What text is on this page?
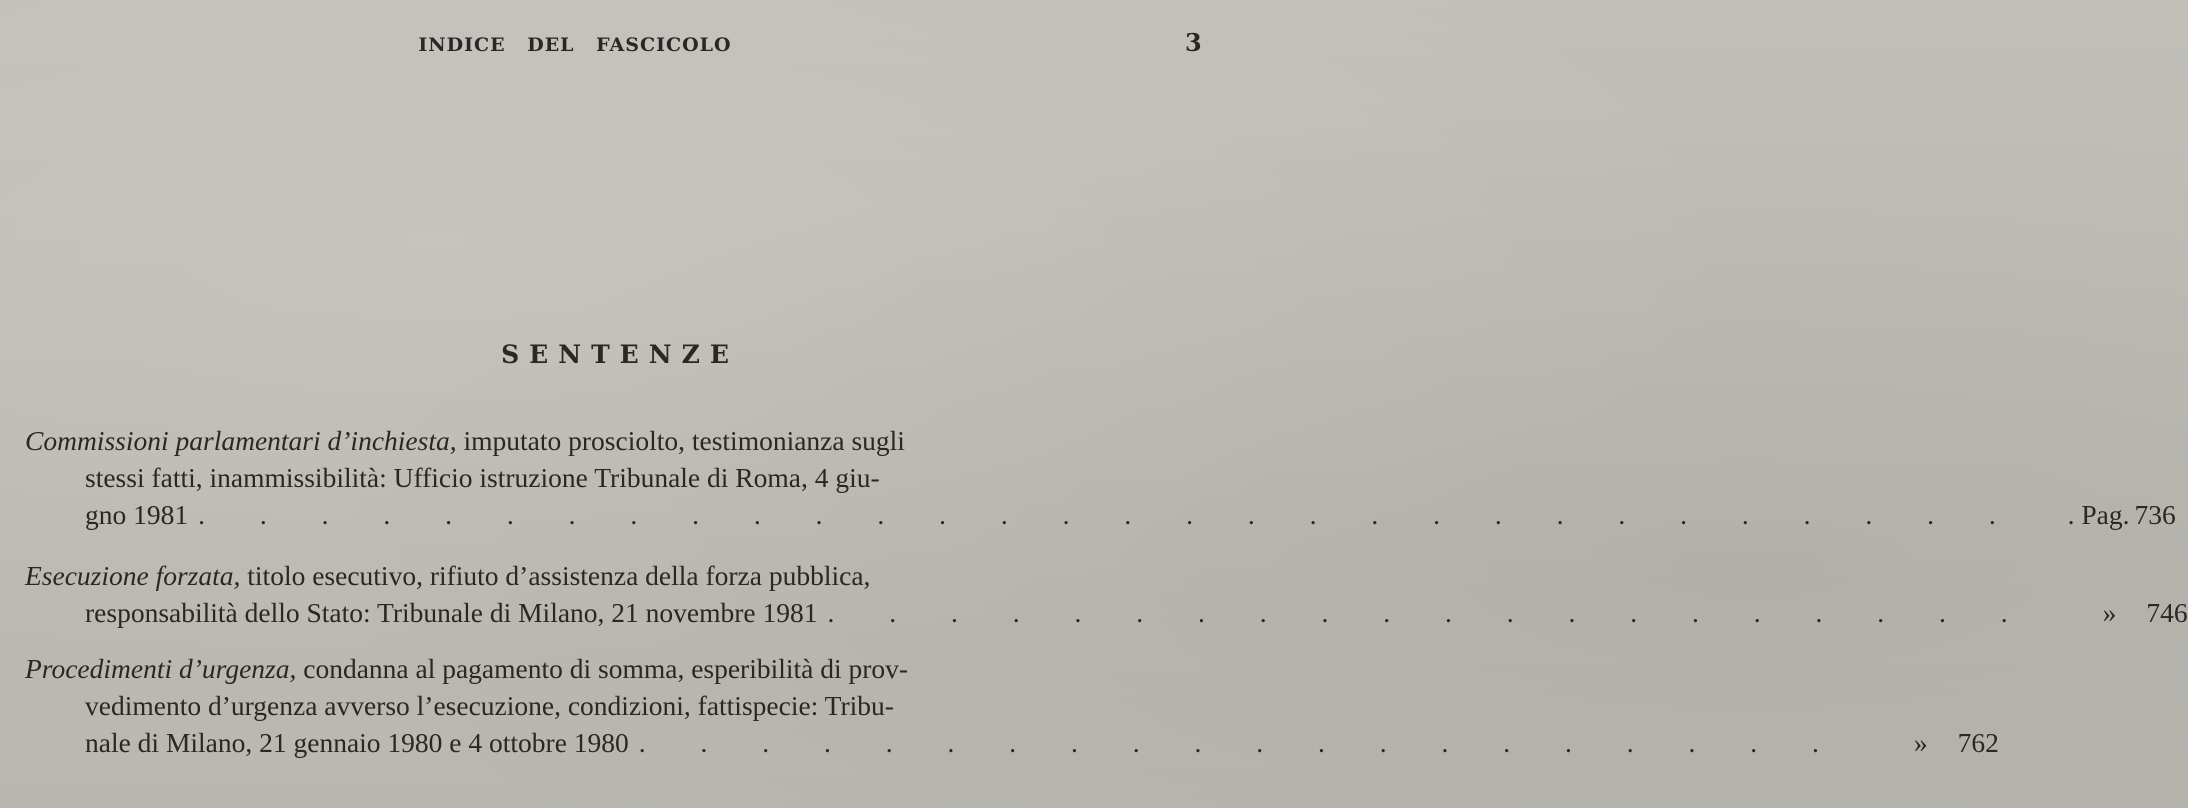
INDICE DEL FASCICOLO	3
SENTENZE
Commissioni parlamentari d’inchiesta, imputato prosciolto, testimonianza sugli
stessi fatti, inammissibilità: Ufficio istruzione Tribunale di Roma, 4 giu-
gno 1981 . . . . . . . . . . . . . . . . . . . . . . . . . . . . . .	. Pag. 736
Esecuzione forzata, titolo esecutivo, rifiuto d’assistenza della forza pubblica,
responsabilità dello Stato: Tribunale di Milano, 21 novembre 1981 . . . . . . . . . . . . . . . . . . . .	» 746
Procedimenti d’urgenza, condanna al pagamento di somma, esperibilità di prov-
vedimento d’urgenza avverso l’esecuzione, condizioni, fattispecie: Tribu-
nale di Milano, 21 gennaio 1980 e 4 ottobre 1980 . . . . . . . . . . . . . . . . . . . .	» 762
